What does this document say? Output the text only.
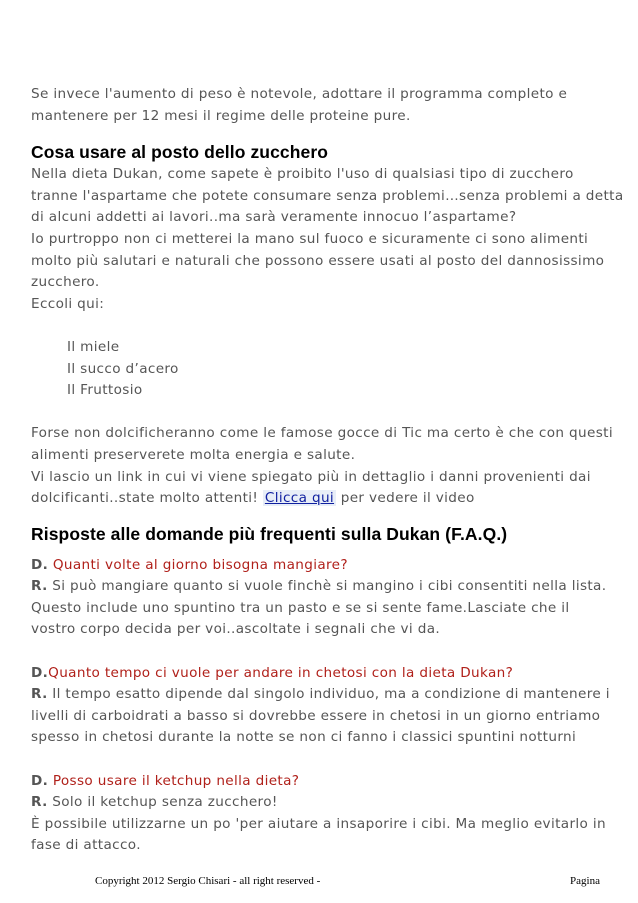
Se invece l'aumento di peso è notevole, adottare il programma completo e

mantenere per 12 mesi il regime delle proteine pure.

Cosa usare al posto dello zucchero

Nella dieta Dukan, come sapete è proibito l'uso di qualsiasi tipo di zucchero

tranne l'aspartame che potete consumare senza problemi…senza problemi a detta

di alcuni addetti ai lavori..ma sarà veramente innocuo l’aspartame?

Io purtroppo non ci metterei la mano sul fuoco e sicuramente ci sono alimenti

molto più salutari e naturali che possono essere usati al posto del dannosissimo

zucchero.

Eccoli qui:

Il miele

Il succo d’acero

Il Fruttosio

Forse non dolcificheranno come le famose gocce di Tic ma certo è che con questi

alimenti preserverete molta energia e salute.

Vi lascio un link in cui vi viene spiegato più in dettaglio i danni provenienti dai

dolcificanti..state molto attenti! Clicca qui per vedere il video

Risposte alle domande più frequenti sulla Dukan (F.A.Q.)

D. Quanti volte al giorno bisogna mangiare?

R. Si può mangiare quanto si vuole finchè si mangino i cibi consentiti nella lista.

Questo include uno spuntino tra un pasto e se si sente fame.Lasciate che il

vostro corpo decida per voi..ascoltate i segnali che vi da.

D.Quanto tempo ci vuole per andare in chetosi con la dieta Dukan?

R. Il tempo esatto dipende dal singolo individuo, ma a condizione di mantenere i

livelli di carboidrati a basso si dovrebbe essere in chetosi in un giorno entriamo

spesso in chetosi durante la notte se non ci fanno i classici spuntini notturni

D. Posso usare il ketchup nella dieta?

R. Solo il ketchup senza zucchero!

È possibile utilizzarne un po 'per aiutare a insaporire i cibi. Ma meglio evitarlo in

fase di attacco.

Copyright 2012 Sergio Chisari - all right reserved -	Pagina
